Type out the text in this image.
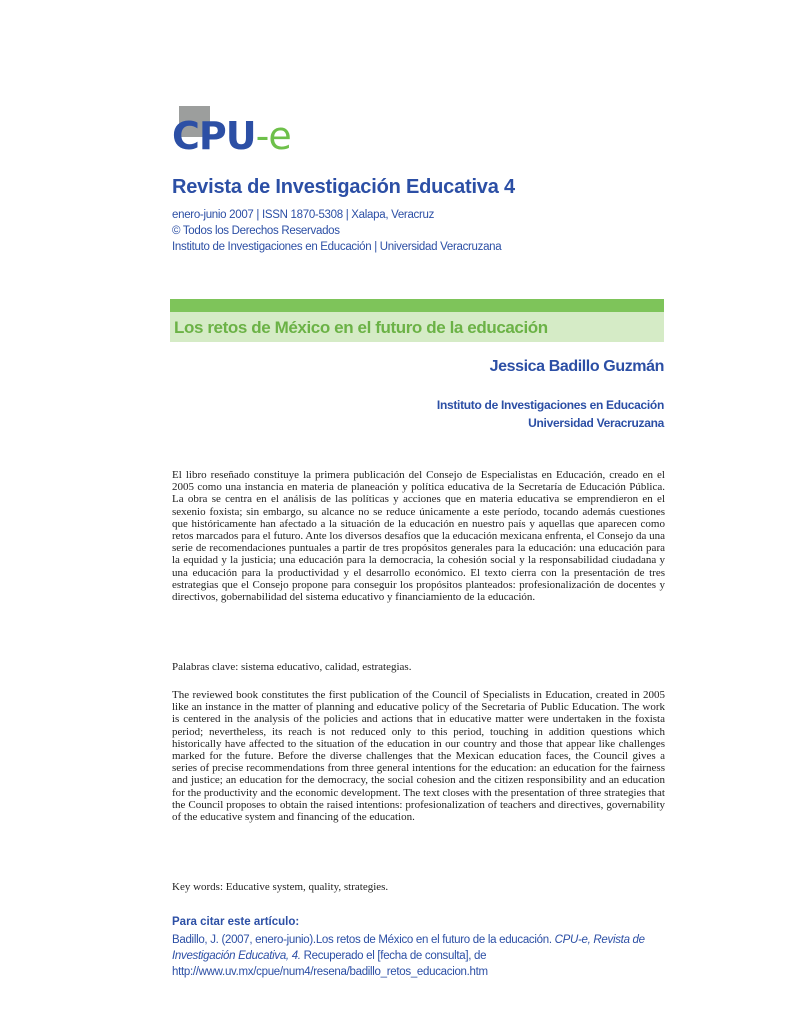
CPU-e
Revista de Investigación Educativa 4
enero-junio 2007 | ISSN 1870-5308 | Xalapa, Veracruz
© Todos los Derechos Reservados
Instituto de Investigaciones en Educación | Universidad Veracruzana
Los retos de México en el futuro de la educación
Jessica Badillo Guzmán
Instituto de Investigaciones en Educación
Universidad Veracruzana

El libro reseñado constituye la primera publicación del Consejo de Especialistas en Educación, creado en el 2005 como una instancia en materia de planeación y política educativa de la Secretaría de Educación Pública. La obra se centra en el análisis de las políticas y acciones que en materia educativa se emprendieron en el sexenio foxista; sin embargo, su alcance no se reduce únicamente a este período, tocando además cuestiones que históricamente han afectado a la situación de la educación en nuestro país y aquellas que aparecen como retos marcados para el futuro. Ante los diversos desafíos que la educación mexicana enfrenta, el Consejo da una serie de recomendaciones puntuales a partir de tres propósitos generales para la educación: una educación para la equidad y la justicia; una educación para la democracia, la cohesión social y la responsabilidad ciudadana y una educación para la productividad y el desarrollo económico. El texto cierra con la presentación de tres estrategias que el Consejo propone para conseguir los propósitos planteados: profesionalización de docentes y directivos, gobernabilidad del sistema educativo y financiamiento de la educación.

Palabras clave: sistema educativo, calidad, estrategias.

The reviewed book constitutes the first publication of the Council of Specialists in Education, created in 2005 like an instance in the matter of planning and educative policy of the Secretaria of Public Education. The work is centered in the analysis of the policies and actions that in educative matter were undertaken in the foxista period; nevertheless, its reach is not reduced only to this period, touching in addition questions which historically have affected to the situation of the education in our country and those that appear like challenges marked for the future. Before the diverse challenges that the Mexican education faces, the Council gives a series of precise recommendations from three general intentions for the education: an education for the fairness and justice; an education for the democracy, the social cohesion and the citizen responsibility and an education for the productivity and the economic development. The text closes with the presentation of three strategies that the Council proposes to obtain the raised intentions: profesionalization of teachers and directives, governability of the educative system and financing of the education.

Key words: Educative system, quality, strategies.

Para citar este artículo:

Badillo, J. (2007, enero-junio).Los retos de México en el futuro de la educación. CPU-e, Revista de Investigación Educativa, 4. Recuperado el [fecha de consulta], de http://www.uv.mx/cpue/num4/resena/badillo_retos_educacion.htm
